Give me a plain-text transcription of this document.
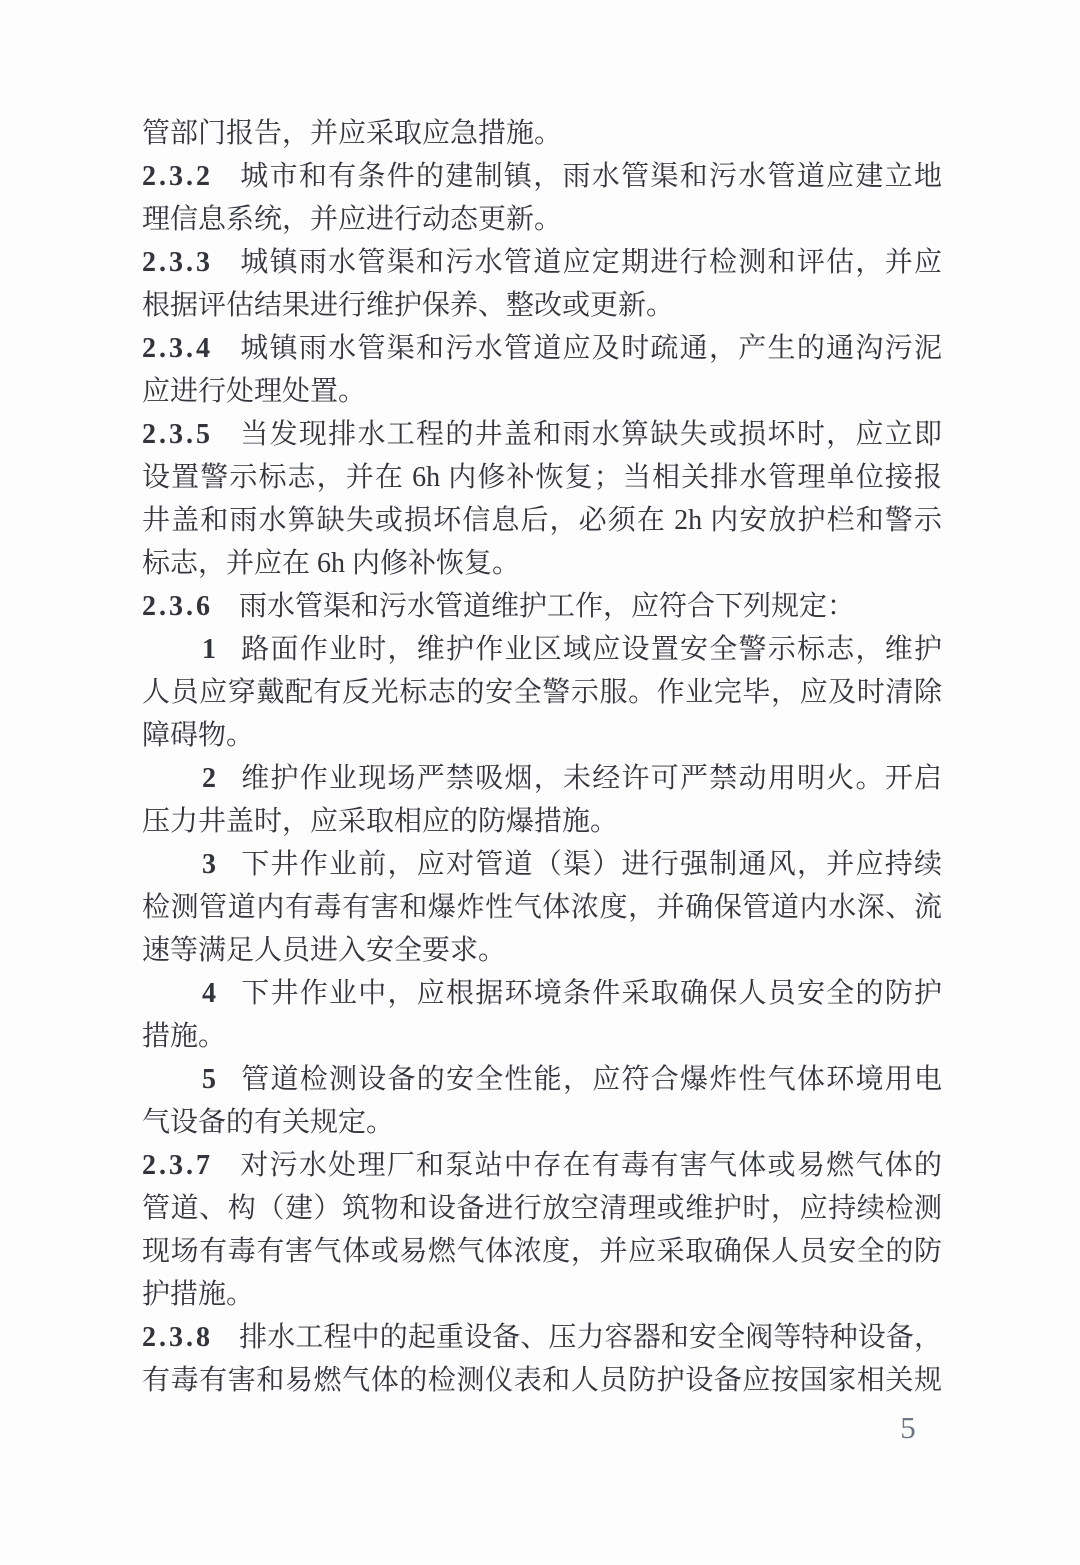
管部门报告，并应采取应急措施。
2.3.2 城市和有条件的建制镇，雨水管渠和污水管道应建立地
理信息系统，并应进行动态更新。
2.3.3 城镇雨水管渠和污水管道应定期进行检测和评估，并应
根据评估结果进行维护保养、整改或更新。
2.3.4 城镇雨水管渠和污水管道应及时疏通，产生的通沟污泥
应进行处理处置。
2.3.5 当发现排水工程的井盖和雨水箅缺失或损坏时，应立即
设置警示标志，并在 6h 内修补恢复；当相关排水管理单位接报
井盖和雨水箅缺失或损坏信息后，必须在 2h 内安放护栏和警示
标志，并应在 6h 内修补恢复。
2.3.6 雨水管渠和污水管道维护工作，应符合下列规定：
1 路面作业时，维护作业区域应设置安全警示标志，维护
人员应穿戴配有反光标志的安全警示服。作业完毕，应及时清除
障碍物。
2 维护作业现场严禁吸烟，未经许可严禁动用明火。开启
压力井盖时，应采取相应的防爆措施。
3 下井作业前，应对管道（渠）进行强制通风，并应持续
检测管道内有毒有害和爆炸性气体浓度，并确保管道内水深、流
速等满足人员进入安全要求。
4 下井作业中，应根据环境条件采取确保人员安全的防护
措施。
5 管道检测设备的安全性能，应符合爆炸性气体环境用电
气设备的有关规定。
2.3.7 对污水处理厂和泵站中存在有毒有害气体或易燃气体的
管道、构（建）筑物和设备进行放空清理或维护时，应持续检测
现场有毒有害气体或易燃气体浓度，并应采取确保人员安全的防
护措施。
2.3.8 排水工程中的起重设备、压力容器和安全阀等特种设备，
有毒有害和易燃气体的检测仪表和人员防护设备应按国家相关规
5
